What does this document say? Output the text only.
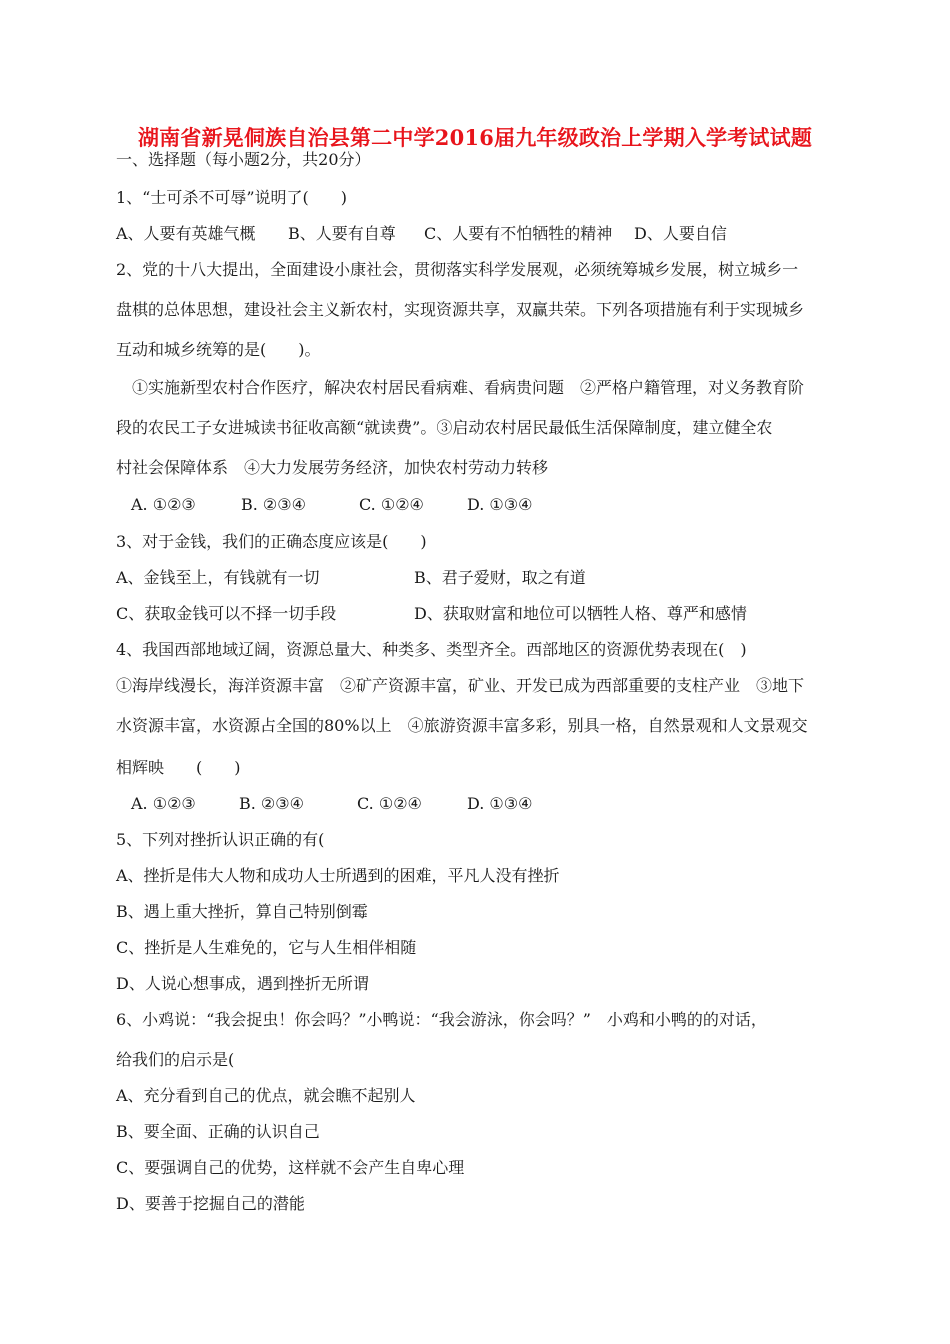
湖南省新晃侗族自治县第二中学2016届九年级政治上学期入学考试试题
一、选择题（每小题2分，共20分）
1、“士可杀不可辱”说明了(　　)
A、人要有英雄气概	B、人要有自尊	C、人要有不怕牺牲的精神	D、人要自信
2、党的十八大提出，全面建设小康社会，贯彻落实科学发展观，必须统筹城乡发展，树立城乡一
盘棋的总体思想，建设社会主义新农村，实现资源共享，双赢共荣。下列各项措施有利于实现城乡
互动和城乡统筹的是(　　)。
①实施新型农村合作医疗，解决农村居民看病难、看病贵问题　②严格户籍管理，对义务教育阶
段的农民工子女进城读书征收高额“就读费”。③启动农村居民最低生活保障制度，建立健全农
村社会保障体系　④大力发展劳务经济，加快农村劳动力转移
A. ①②③	B. ②③④	C. ①②④	D. ①③④
3、对于金钱，我们的正确态度应该是(　　)
A、金钱至上，有钱就有一切	B、君子爱财，取之有道
C、获取金钱可以不择一切手段	D、获取财富和地位可以牺牲人格、尊严和感情
4、我国西部地域辽阔，资源总量大、种类多、类型齐全。西部地区的资源优势表现在(　)
①海岸线漫长，海洋资源丰富　②矿产资源丰富，矿业、开发已成为西部重要的支柱产业　③地下
水资源丰富，水资源占全国的80%以上　④旅游资源丰富多彩，别具一格，自然景观和人文景观交
相辉映　　(　　)
A. ①②③	B. ②③④	C. ①②④	D. ①③④
5、下列对挫折认识正确的有(
A、挫折是伟大人物和成功人士所遇到的困难，平凡人没有挫折
B、遇上重大挫折，算自己特别倒霉
C、挫折是人生难免的，它与人生相伴相随
D、人说心想事成，遇到挫折无所谓
6、小鸡说：“我会捉虫！你会吗？”小鸭说：“我会游泳，你会吗？”　小鸡和小鸭的的对话，
给我们的启示是(
A、充分看到自己的优点，就会瞧不起别人
B、要全面、正确的认识自己
C、要强调自己的优势，这样就不会产生自卑心理
D、要善于挖掘自己的潜能
